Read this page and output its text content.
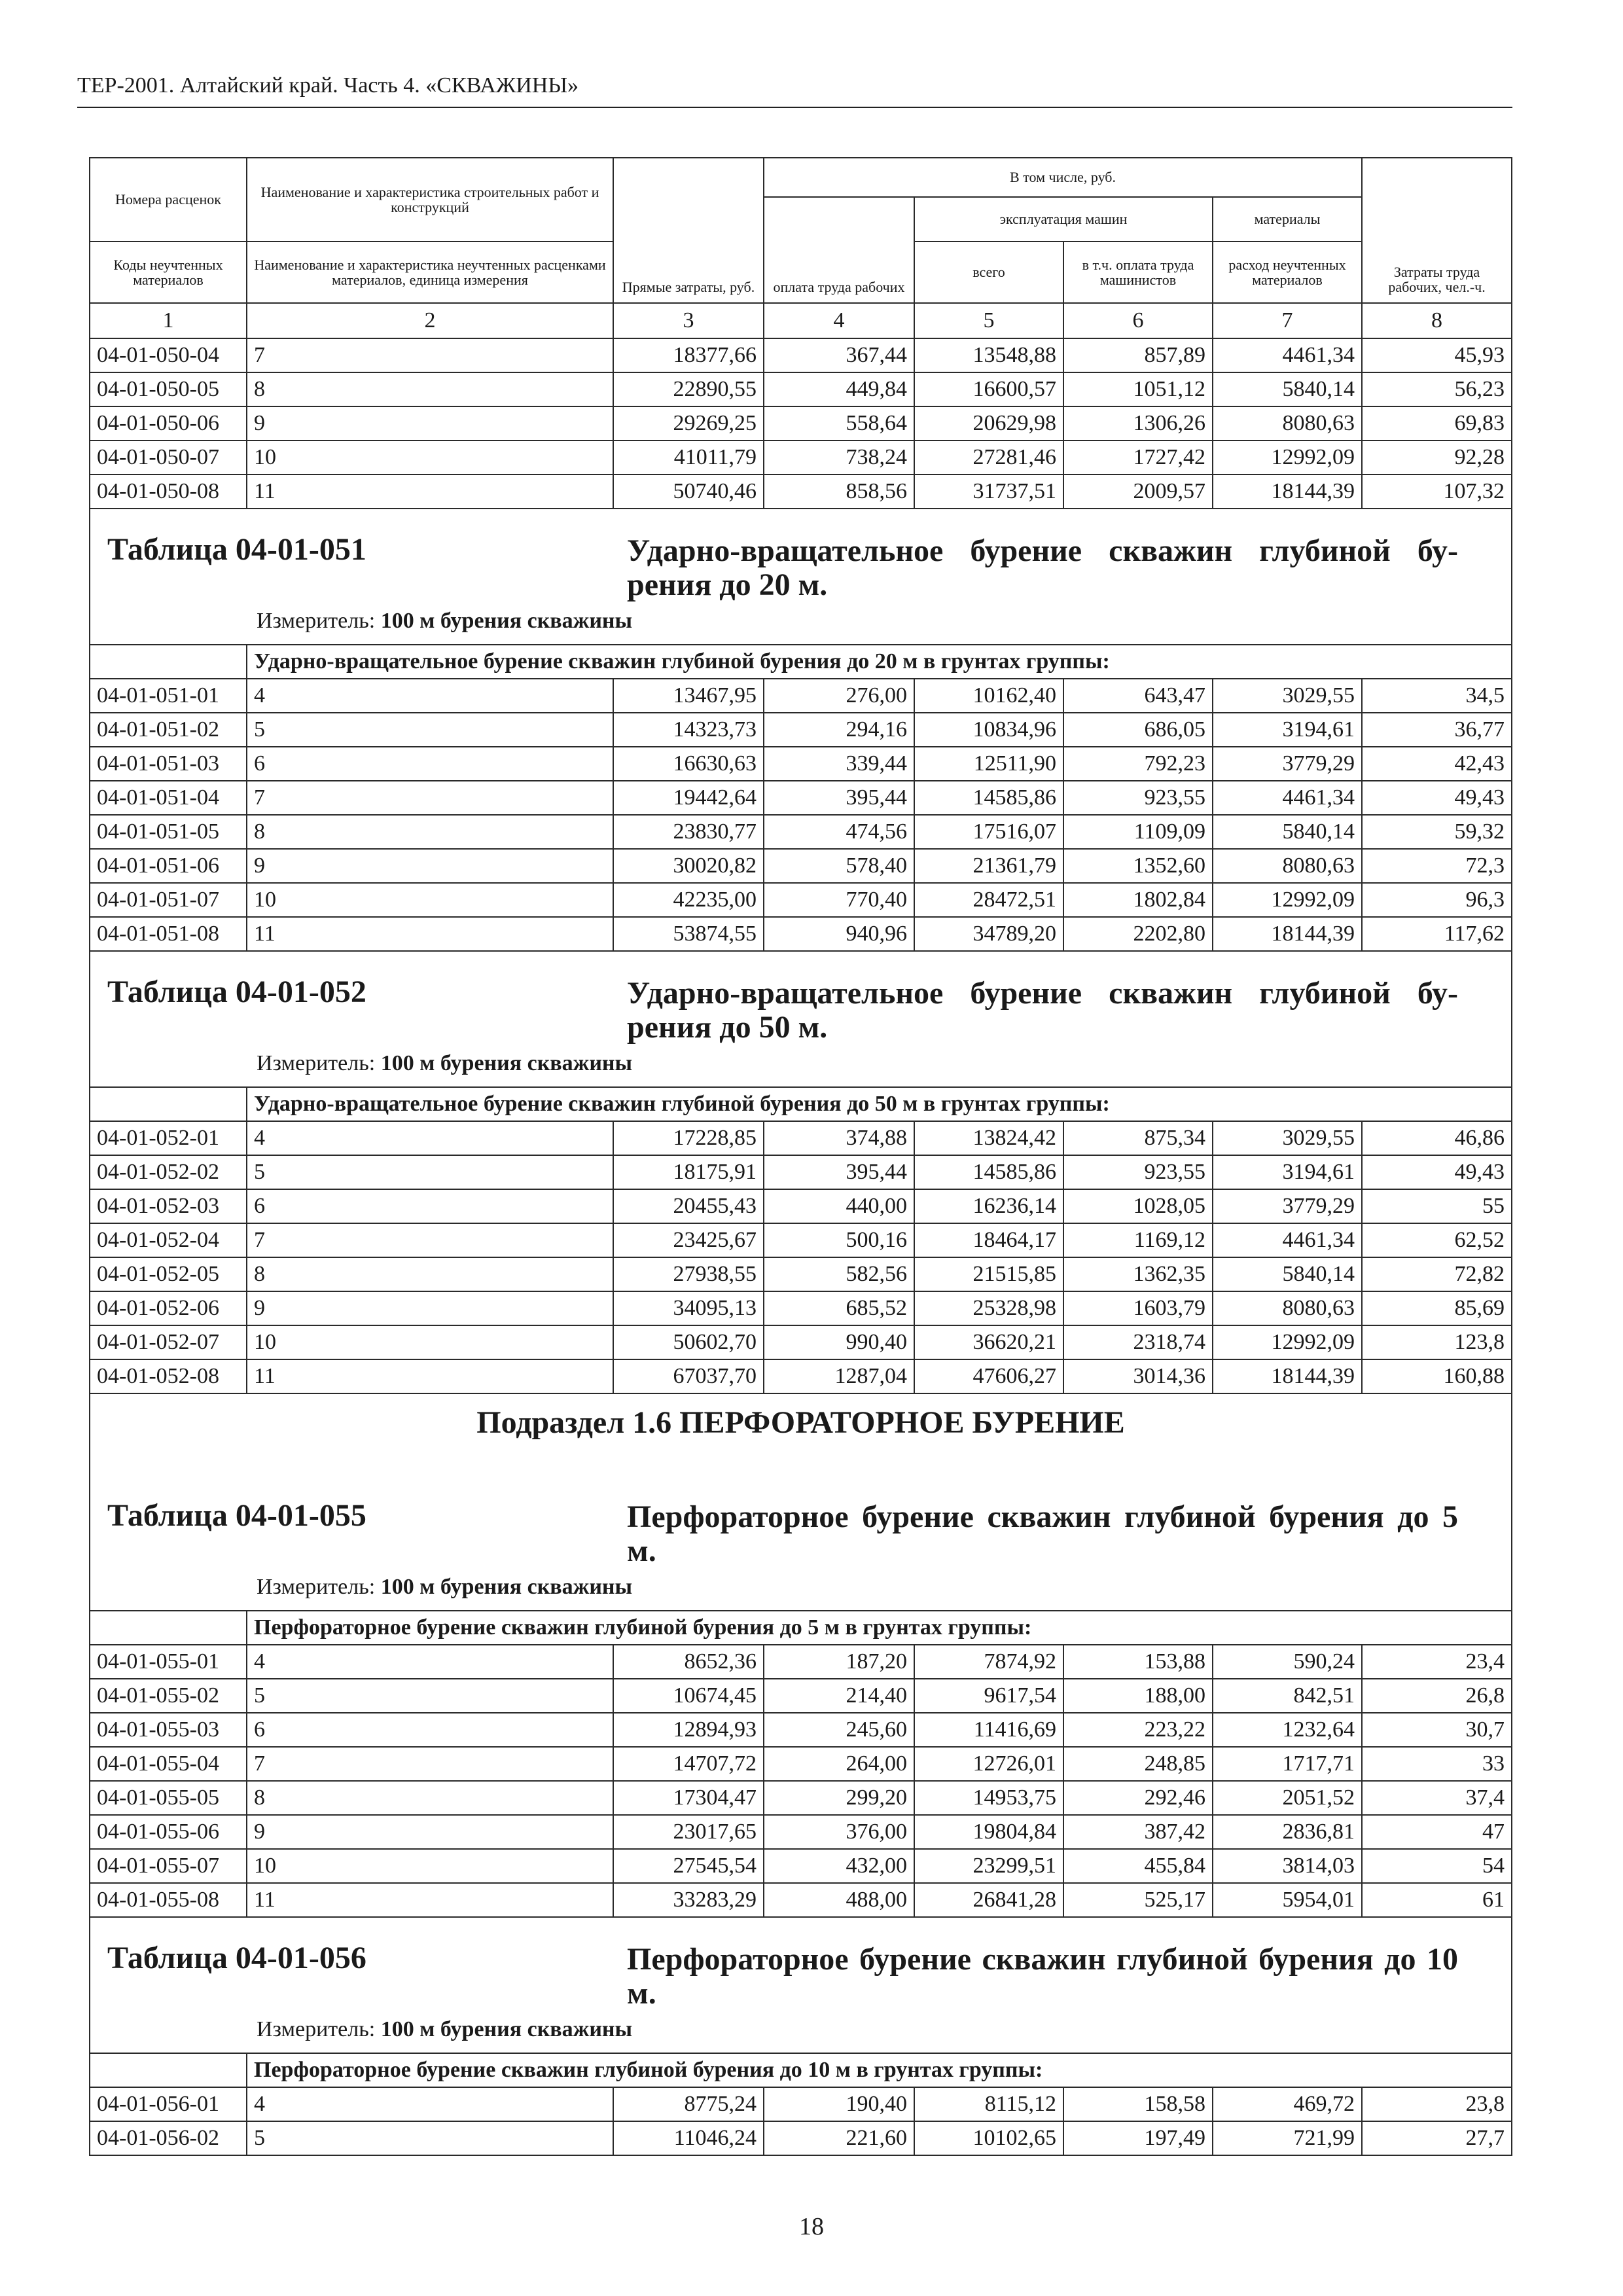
ТЕР-2001. Алтайский край. Часть 4. «СКВАЖИНЫ»
Номера расценок	Наименование и характеристика строительных работ и конструкций	Прямые затраты, руб.	В том числе, руб.				Затраты труда рабочих, чел.-ч.
			оплата труда рабочих	эксплуатация машин		материалы	
Коды неучтенных материалов	Наименование и характеристика неучтенных расценками материалов, единица измерения			всего	в т.ч. оплата труда машинистов	расход неучтенных материалов	
1	2	3	4	5	6	7	8
04-01-050-04	7	18377,66	367,44	13548,88	857,89	4461,34	45,93
04-01-050-05	8	22890,55	449,84	16600,57	1051,12	5840,14	56,23
04-01-050-06	9	29269,25	558,64	20629,98	1306,26	8080,63	69,83
04-01-050-07	10	41011,79	738,24	27281,46	1727,42	12992,09	92,28
04-01-050-08	11	50740,46	858,56	31737,51	2009,57	18144,39	107,32

Таблица 04-01-051 Ударно-вращательное бурение скважин глубиной бу-рения до 20 м.
Измеритель: 100 м бурения скважины							

	Ударно-вращательное бурение скважин глубиной бурения до 20 м в грунтах группы:						
04-01-051-01	4	13467,95	276,00	10162,40	643,47	3029,55	34,5
04-01-051-02	5	14323,73	294,16	10834,96	686,05	3194,61	36,77
04-01-051-03	6	16630,63	339,44	12511,90	792,23	3779,29	42,43
04-01-051-04	7	19442,64	395,44	14585,86	923,55	4461,34	49,43
04-01-051-05	8	23830,77	474,56	17516,07	1109,09	5840,14	59,32
04-01-051-06	9	30020,82	578,40	21361,79	1352,60	8080,63	72,3
04-01-051-07	10	42235,00	770,40	28472,51	1802,84	12992,09	96,3
04-01-051-08	11	53874,55	940,96	34789,20	2202,80	18144,39	117,62

Таблица 04-01-052 Ударно-вращательное бурение скважин глубиной бу-рения до 50 м.
Измеритель: 100 м бурения скважины							

	Ударно-вращательное бурение скважин глубиной бурения до 50 м в грунтах группы:						
04-01-052-01	4	17228,85	374,88	13824,42	875,34	3029,55	46,86
04-01-052-02	5	18175,91	395,44	14585,86	923,55	3194,61	49,43
04-01-052-03	6	20455,43	440,00	16236,14	1028,05	3779,29	55
04-01-052-04	7	23425,67	500,16	18464,17	1169,12	4461,34	62,52
04-01-052-05	8	27938,55	582,56	21515,85	1362,35	5840,14	72,82
04-01-052-06	9	34095,13	685,52	25328,98	1603,79	8080,63	85,69
04-01-052-07	10	50602,70	990,40	36620,21	2318,74	12992,09	123,8
04-01-052-08	11	67037,70	1287,04	47606,27	3014,36	18144,39	160,88

Подраздел 1.6 ПЕРФОРАТОРНОЕ БУРЕНИЕ
Таблица 04-01-055 Перфораторное бурение скважин глубиной бурения до 5 м.
Измеритель: 100 м бурения скважины							

	Перфораторное бурение скважин глубиной бурения до 5 м в грунтах группы:						
04-01-055-01	4	8652,36	187,20	7874,92	153,88	590,24	23,4
04-01-055-02	5	10674,45	214,40	9617,54	188,00	842,51	26,8
04-01-055-03	6	12894,93	245,60	11416,69	223,22	1232,64	30,7
04-01-055-04	7	14707,72	264,00	12726,01	248,85	1717,71	33
04-01-055-05	8	17304,47	299,20	14953,75	292,46	2051,52	37,4
04-01-055-06	9	23017,65	376,00	19804,84	387,42	2836,81	47
04-01-055-07	10	27545,54	432,00	23299,51	455,84	3814,03	54
04-01-055-08	11	33283,29	488,00	26841,28	525,17	5954,01	61

Таблица 04-01-056 Перфораторное бурение скважин глубиной бурения до 10 м.
Измеритель: 100 м бурения скважины							

	Перфораторное бурение скважин глубиной бурения до 10 м в грунтах группы:						
04-01-056-01	4	8775,24	190,40	8115,12	158,58	469,72	23,8
04-01-056-02	5	11046,24	221,60	10102,65	197,49	721,99	27,7
18
